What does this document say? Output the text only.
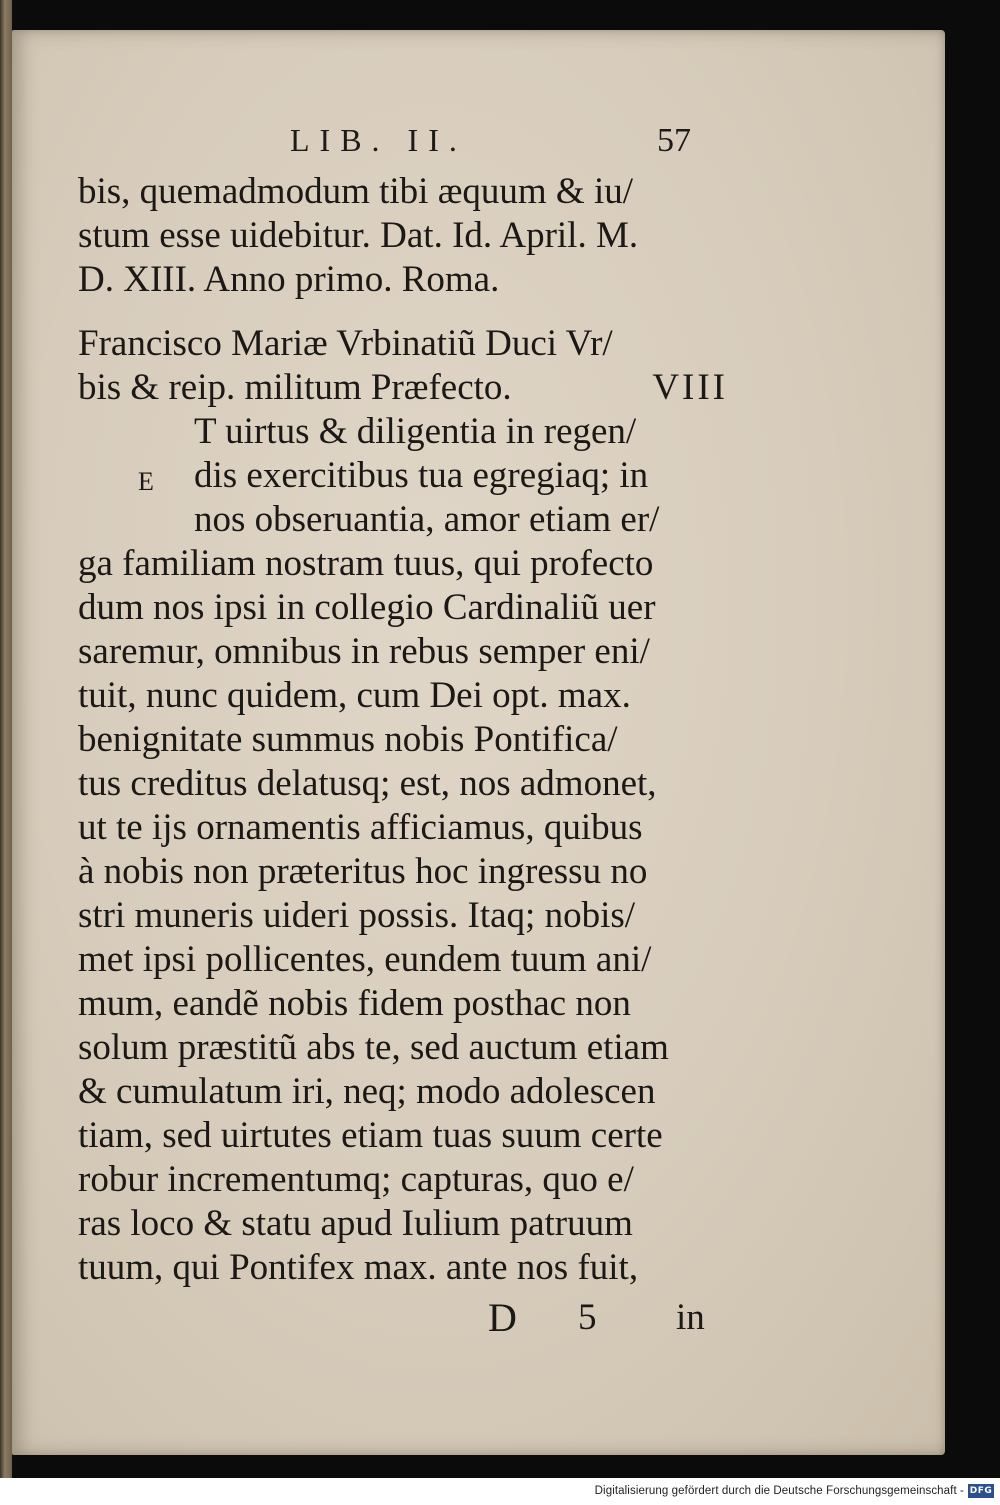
LIB. II.	57
bis, quemadmodum tibi æquum & iu/
stum esse uidebitur. Dat. Id. April. M.
D. XIII. Anno primo. Roma.
Francisco Mariæ Vrbinatiũ Duci Vr/
bis & reip. militum Præfecto.	VIII
E
T uirtus & diligentia in regen/
dis exercitibus tua egregiaq; in
nos obseruantia, amor etiam er/
ga familiam nostram tuus, qui profecto
dum nos ipsi in collegio Cardinaliũ uer
saremur, omnibus in rebus semper eni/
tuit, nunc quidem, cum Dei opt. max.
benignitate summus nobis Pontifica/
tus creditus delatusq; est, nos admonet,
ut te ijs ornamentis afficiamus, quibus
à nobis non præteritus hoc ingressu no
stri muneris uideri possis. Itaq; nobis/
met ipsi pollicentes, eundem tuum ani/
mum, eandẽ nobis fidem posthac non
solum præstitũ abs te, sed auctum etiam
& cumulatum iri, neq; modo adolescen
tiam, sed uirtutes etiam tuas suum certe
robur incrementumq; capturas, quo e/
ras loco & statu apud Iulium patruum
tuum, qui Pontifex max. ante nos fuit,
D 5 in
Digitalisierung gefördert durch die Deutsche Forschungsgemeinschaft - DFG
